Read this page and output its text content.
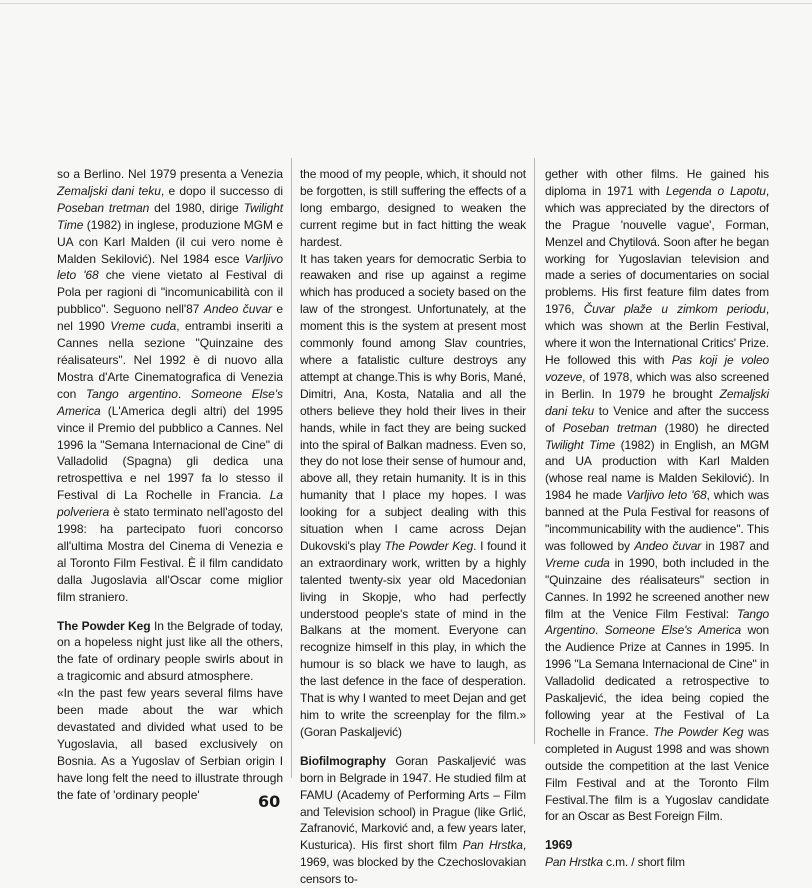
so a Berlino. Nel 1979 presenta a Venezia Zemaljski dani teku, e dopo il successo di Poseban tretman del 1980, dirige Twilight Time (1982) in inglese, produzione MGM e UA con Karl Malden (il cui vero nome è Malden Sekilović). Nel 1984 esce Varljivo leto '68 che viene vietato al Festival di Pola per ragioni di "incomunicabilità con il pubblico". Seguono nell'87 Andeo čuvar e nel 1990 Vreme cuda, entrambi inseriti a Cannes nella sezione "Quinzaine des réalisateurs". Nel 1992 è di nuovo alla Mostra d'Arte Cinematografica di Venezia con Tango argentino. Someone Else's America (L'America degli altri) del 1995 vince il Premio del pubblico a Cannes. Nel 1996 la "Semana Internacional de Cine" di Valladolid (Spagna) gli dedica una retrospettiva e nel 1997 fa lo stesso il Festival di La Rochelle in Francia. La polveriera è stato terminato nell'agosto del 1998: ha partecipato fuori concorso all'ultima Mostra del Cinema di Venezia e al Toronto Film Festival. È il film candidato dalla Jugoslavia all'Oscar come miglior film straniero.

The Powder Keg In the Belgrade of today, on a hopeless night just like all the others, the fate of ordinary people swirls about in a tragicomic and absurd atmosphere.

«In the past few years several films have been made about the war which devastated and divided what used to be Yugoslavia, all based exclusively on Bosnia. As a Yugoslav of Serbian origin I have long felt the need to illustrate through the fate of 'ordinary people'

the mood of my people, which, it should not be forgotten, is still suffering the effects of a long embargo, designed to weaken the current regime but in fact hitting the weak hardest.

It has taken years for democratic Serbia to reawaken and rise up against a regime which has produced a society based on the law of the strongest. Unfortunately, at the moment this is the system at present most commonly found among Slav countries, where a fatalistic culture destroys any attempt at change.This is why Boris, Mané, Dimitri, Ana, Kosta, Natalia and all the others believe they hold their lives in their hands, while in fact they are being sucked into the spiral of Balkan madness. Even so, they do not lose their sense of humour and, above all, they retain humanity. It is in this humanity that I place my hopes. I was looking for a subject dealing with this situation when I came across Dejan Dukovski's play The Powder Keg. I found it an extraordinary work, written by a highly talented twenty-six year old Macedonian living in Skopje, who had perfectly understood people's state of mind in the Balkans at the moment. Everyone can recognize himself in this play, in which the humour is so black we have to laugh, as the last defence in the face of desperation. That is why I wanted to meet Dejan and get him to write the screenplay for the film.» (Goran Paskaljević)

Biofilmography Goran Paskaljević was born in Belgrade in 1947. He studied film at FAMU (Academy of Performing Arts – Film and Television school) in Prague (like Grlić, Zafranović, Marković and, a few years later, Kusturica). His first short film Pan Hrstka, 1969, was blocked by the Czechoslovakian censors to-

gether with other films. He gained his diploma in 1971 with Legenda o Lapotu, which was appreciated by the directors of the Prague 'nouvelle vague', Forman, Menzel and Chytilová. Soon after he began working for Yugoslavian television and made a series of documentaries on social problems. His first feature film dates from 1976, Čuvar plaže u zimkom periodu, which was shown at the Berlin Festival, where it won the International Critics' Prize. He followed this with Pas koji je voleo vozeve, of 1978, which was also screened in Berlin. In 1979 he brought Zemaljski dani teku to Venice and after the success of Poseban tretman (1980) he directed Twilight Time (1982) in English, an MGM and UA production with Karl Malden (whose real name is Malden Sekilović). In 1984 he made Varljivo leto '68, which was banned at the Pula Festival for reasons of "incommunicability with the audience". This was followed by Andeo čuvar in 1987 and Vreme cuda in 1990, both included in the "Quinzaine des réalisateurs" section in Cannes. In 1992 he screened another new film at the Venice Film Festival: Tango Argentino. Someone Else's America won the Audience Prize at Cannes in 1995. In 1996 "La Semana Internacional de Cine" in Valladolid dedicated a retrospective to Paskaljević, the idea being copied the following year at the Festival of La Rochelle in France. The Powder Keg was completed in August 1998 and was shown outside the competition at the last Venice Film Festival and at the Toronto Film Festival.The film is a Yugoslav candidate for an Oscar as Best Foreign Film.

1969

Pan Hrstka c.m. / short film

60
